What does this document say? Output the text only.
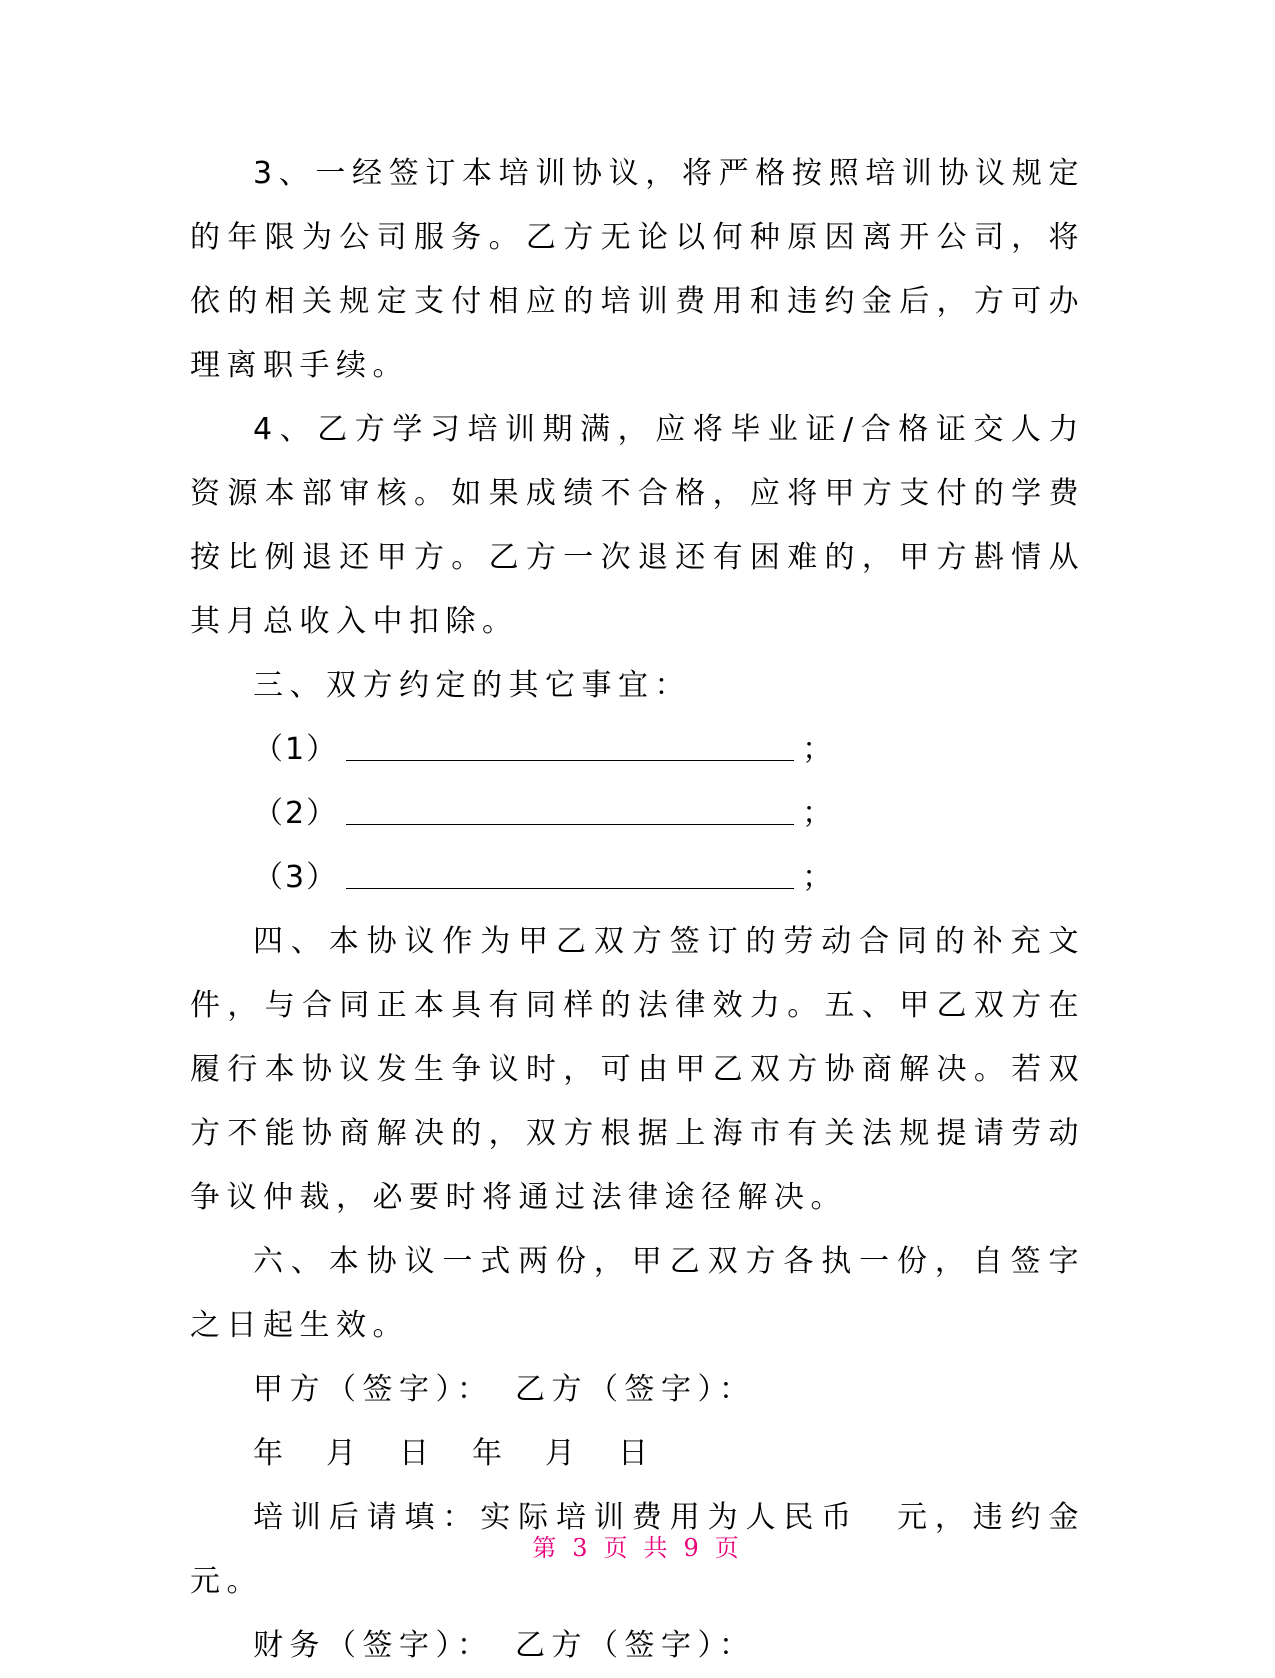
3、一经签订本培训协议，将严格按照培训协议规定的年限为公司服务。乙方无论以何种原因离开公司，将依的相关规定支付相应的培训费用和违约金后，方可办理离职手续。

4、乙方学习培训期满，应将毕业证/合格证交人力资源本部审核。如果成绩不合格，应将甲方支付的学费按比例退还甲方。乙方一次退还有困难的，甲方斟情从其月总收入中扣除。

三、双方约定的其它事宜：

（1）	；

（2）	；

（3）	；

四、本协议作为甲乙双方签订的劳动合同的补充文件，与合同正本具有同样的法律效力。五、甲乙双方在履行本协议发生争议时，可由甲乙双方协商解决。若双方不能协商解决的，双方根据上海市有关法规提请劳动争议仲裁，必要时将通过法律途径解决。

六、本协议一式两份，甲乙双方各执一份，自签字之日起生效。

甲方（签字）：　乙方（签字）：

年　月　日　年　月　日

培训后请填：实际培训费用为人民币　元，违约金　元。

财务（签字）：　乙方（签字）：

第 3 页 共 9 页
